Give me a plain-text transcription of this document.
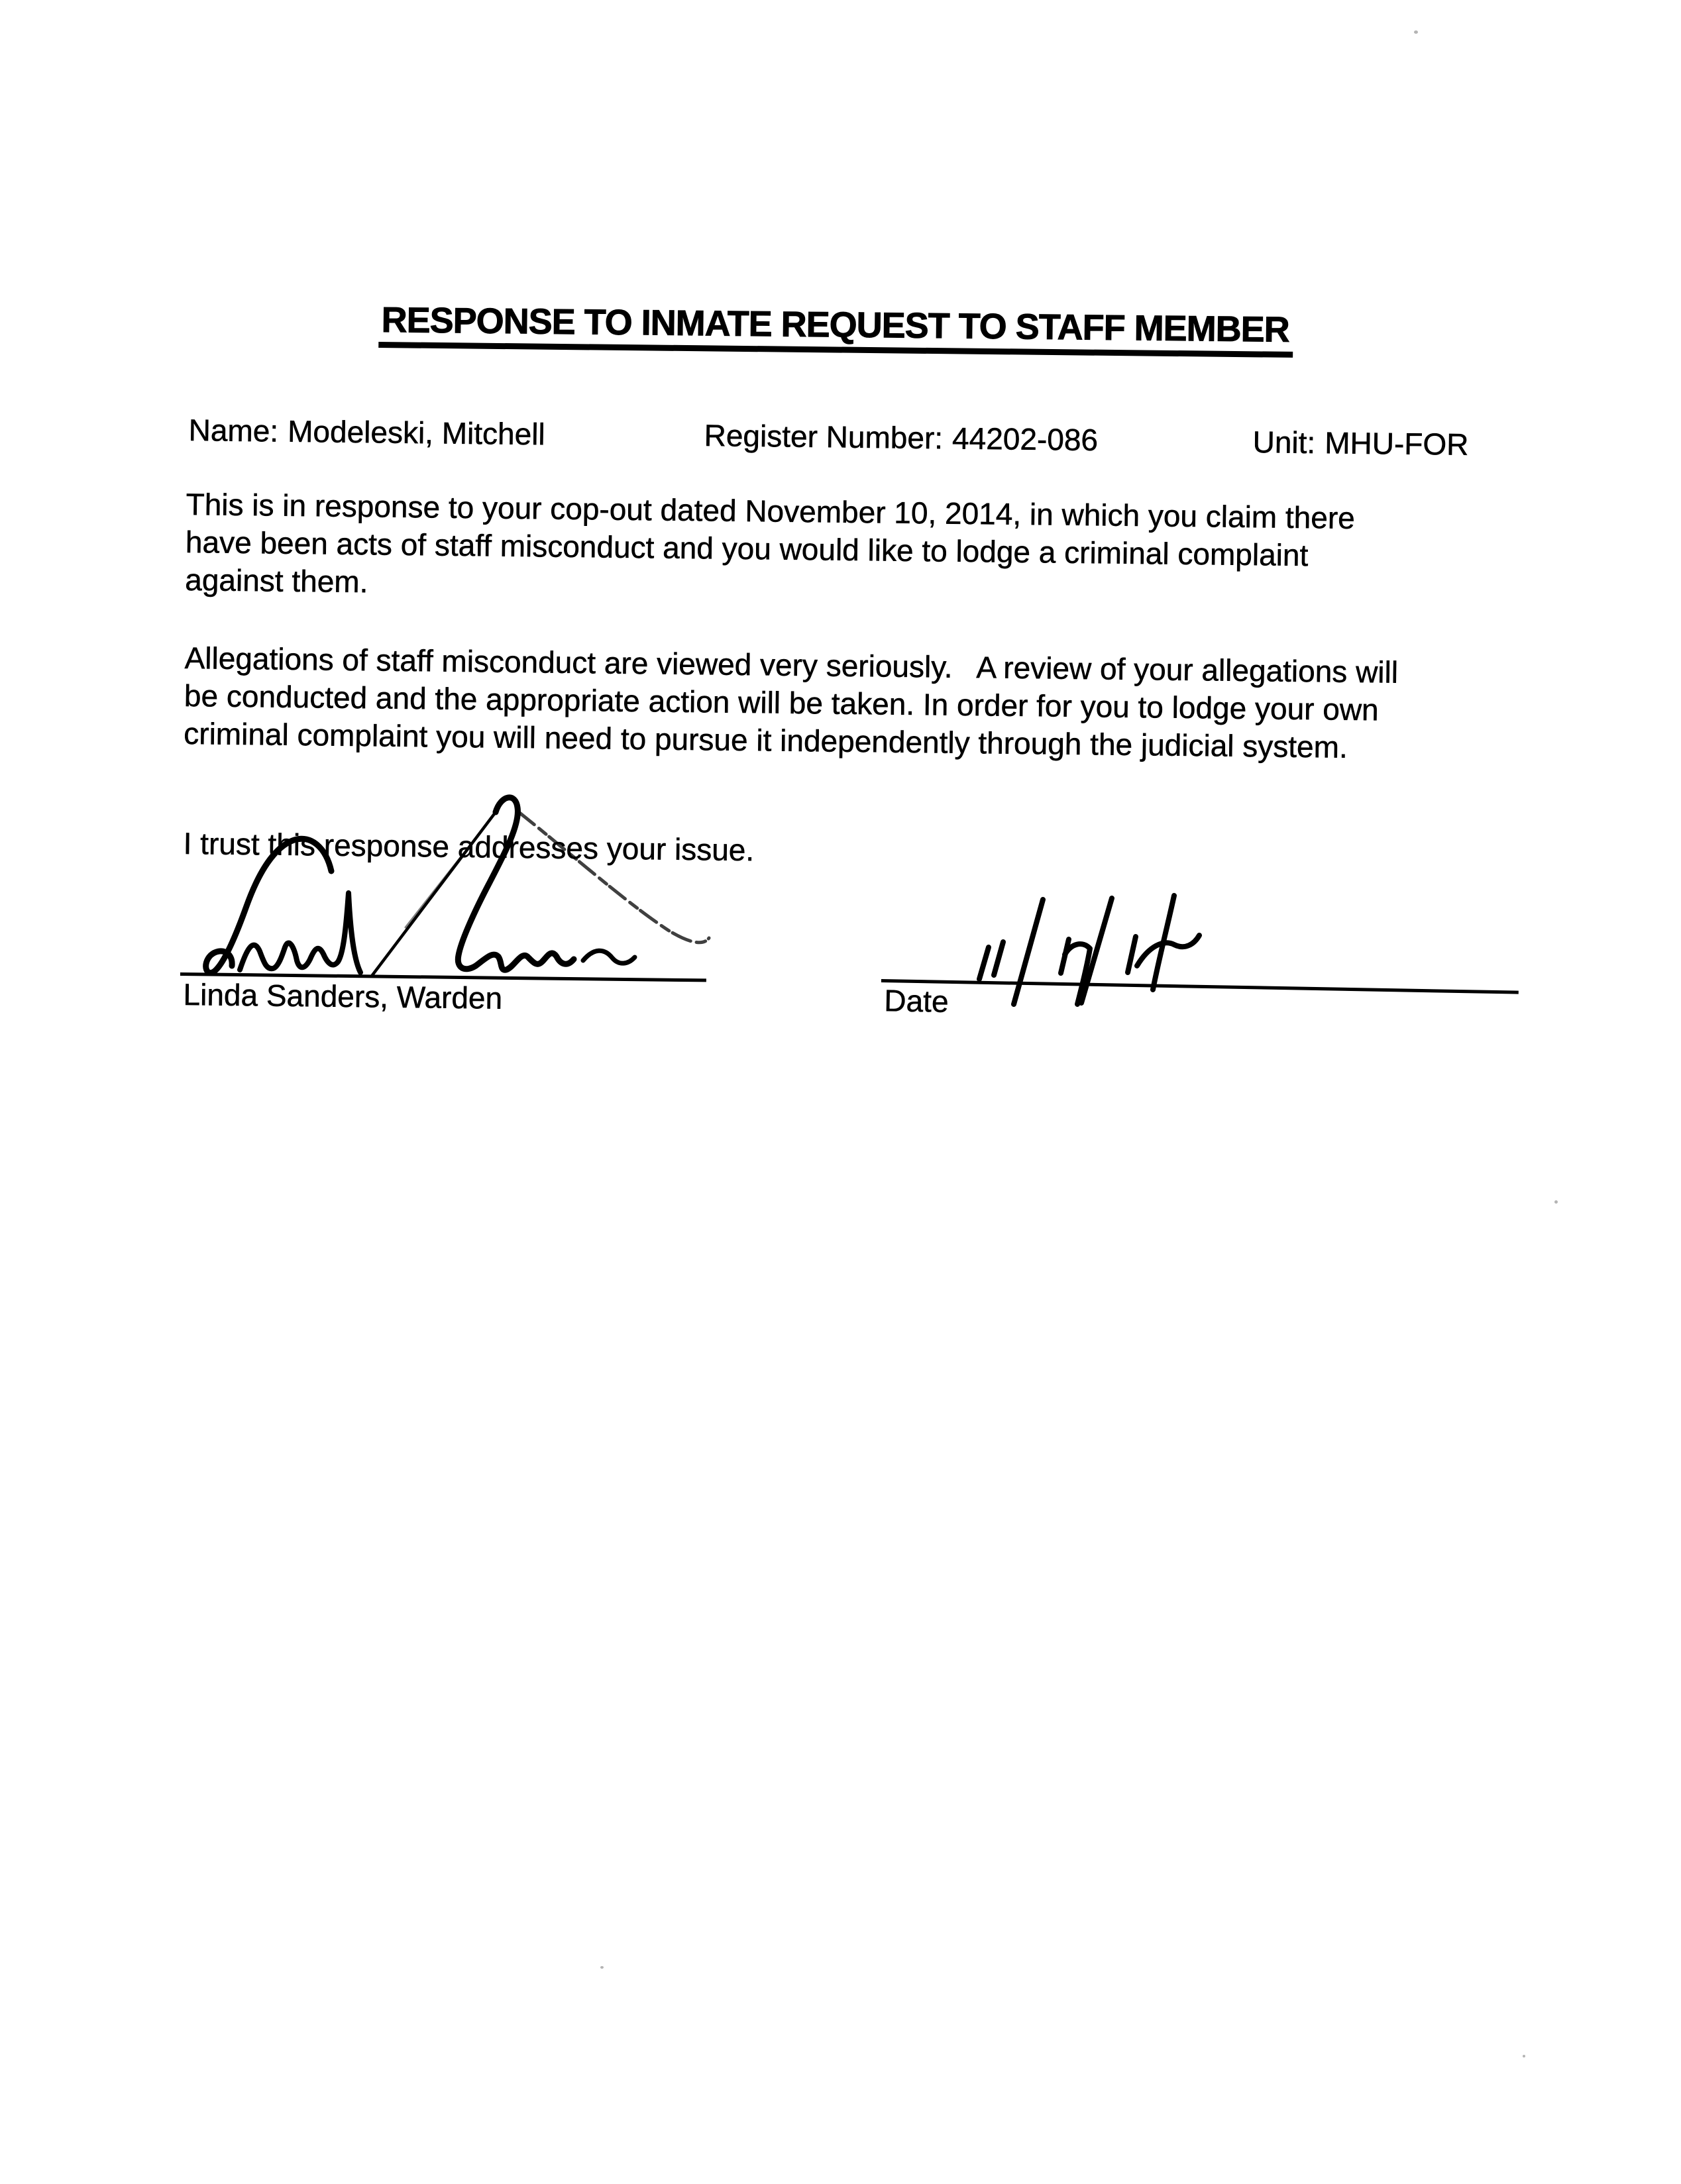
RESPONSE TO INMATE REQUEST TO STAFF MEMBER
Name: Modeleski, Mitchell	Register Number: 44202-086	Unit: MHU-FOR
This is in response to your cop-out dated November 10, 2014, in which you claim there
have been acts of staff misconduct and you would like to lodge a criminal complaint
against them.
Allegations of staff misconduct are viewed very seriously.   A review of your allegations will
be conducted and the appropriate action will be taken. In order for you to lodge your own
criminal complaint you will need to pursue it independently through the judicial system.
I trust this response addresses your issue.
Linda Sanders, Warden	Date
